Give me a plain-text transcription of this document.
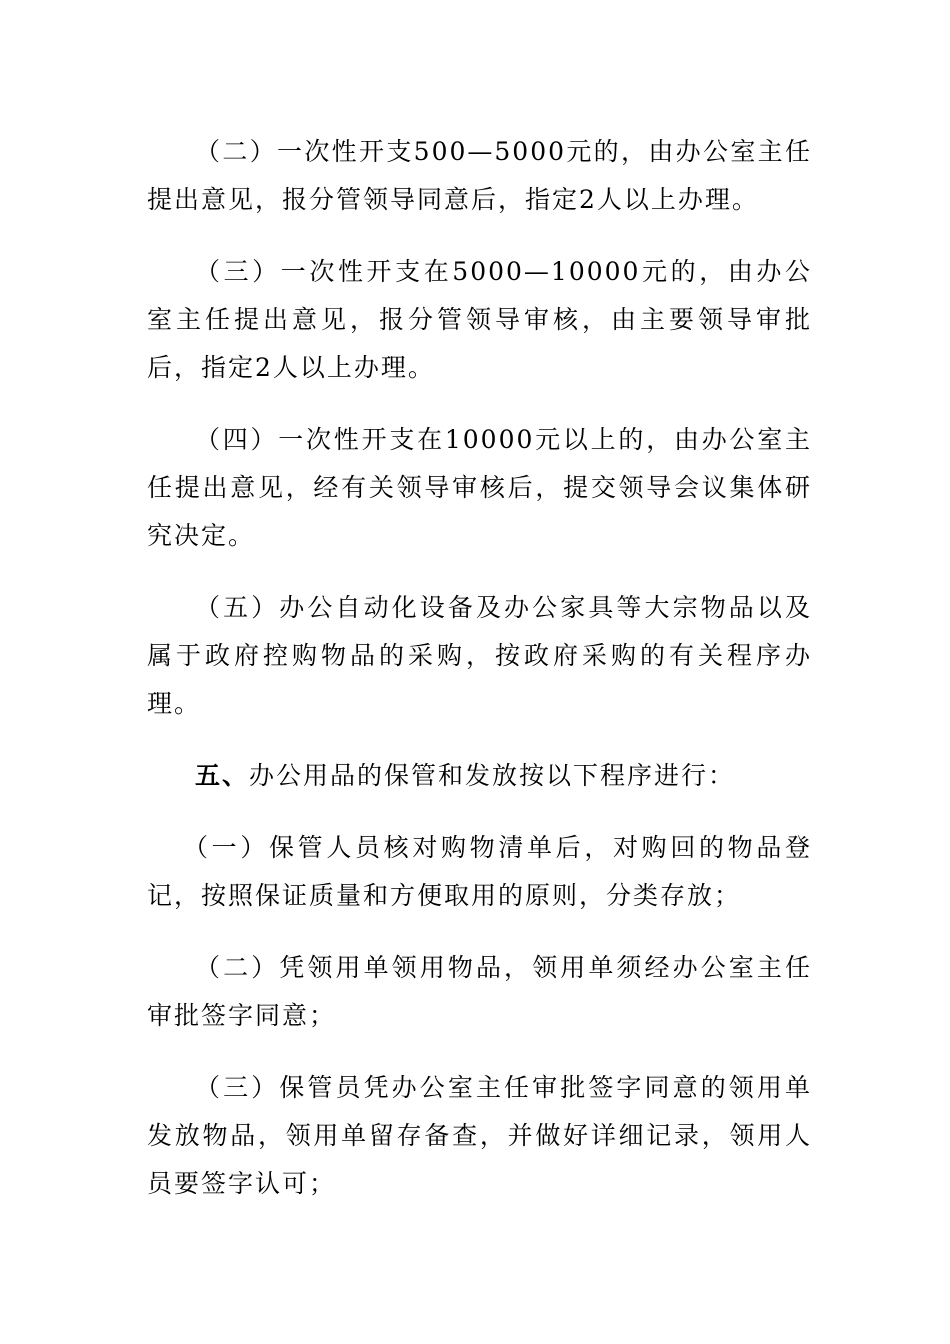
（二）一次性开支500—5000元的，由办公室主任提出意见，报分管领导同意后，指定2人以上办理。

（三）一次性开支在5000—10000元的，由办公室主任提出意见，报分管领导审核，由主要领导审批后，指定2人以上办理。

（四）一次性开支在10000元以上的，由办公室主任提出意见，经有关领导审核后，提交领导会议集体研究决定。

（五）办公自动化设备及办公家具等大宗物品以及属于政府控购物品的采购，按政府采购的有关程序办理。

五、办公用品的保管和发放按以下程序进行：

（一）保管人员核对购物清单后，对购回的物品登记，按照保证质量和方便取用的原则，分类存放；

（二）凭领用单领用物品，领用单须经办公室主任审批签字同意；

（三）保管员凭办公室主任审批签字同意的领用单发放物品，领用单留存备查，并做好详细记录，领用人员要签字认可；
